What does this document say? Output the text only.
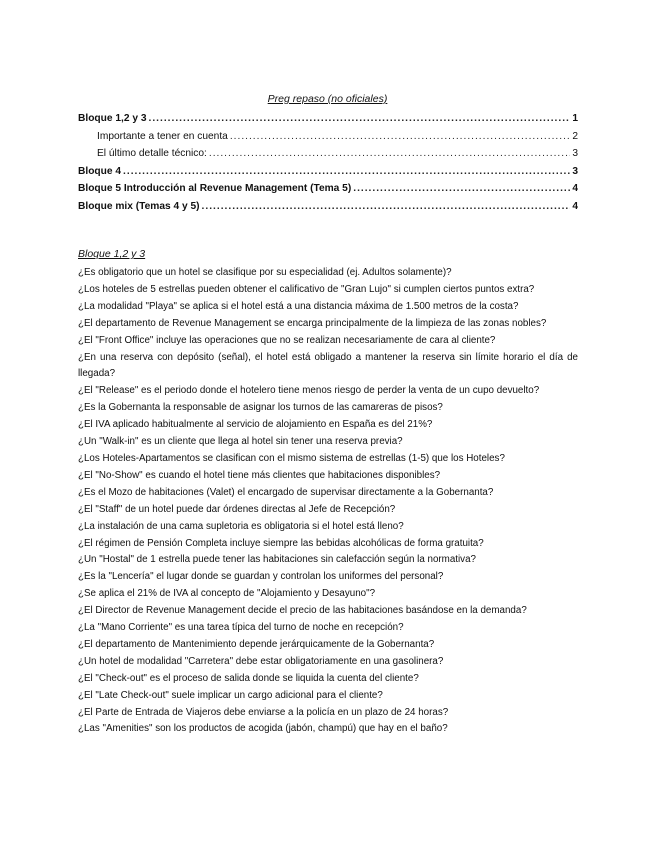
Preg repaso (no oficiales)
Bloque 1,2 y 3 .....	1
Importante a tener en cuenta .....	2
El último detalle técnico: .....	3
Bloque 4 .....	3
Bloque 5 Introducción al Revenue Management (Tema 5) .....	4
Bloque mix (Temas 4 y 5) .....	4
Bloque 1,2 y 3
¿Es obligatorio que un hotel se clasifique por su especialidad (ej. Adultos solamente)?
¿Los hoteles de 5 estrellas pueden obtener el calificativo de "Gran Lujo" si cumplen ciertos puntos extra?
¿La modalidad "Playa" se aplica si el hotel está a una distancia máxima de 1.500 metros de la costa?
¿El departamento de Revenue Management se encarga principalmente de la limpieza de las zonas nobles?
¿El "Front Office" incluye las operaciones que no se realizan necesariamente de cara al cliente?
¿En una reserva con depósito (señal), el hotel está obligado a mantener la reserva sin límite horario el día de llegada?
¿El "Release" es el periodo donde el hotelero tiene menos riesgo de perder la venta de un cupo devuelto?
¿Es la Gobernanta la responsable de asignar los turnos de las camareras de pisos?
¿El IVA aplicado habitualmente al servicio de alojamiento en España es del 21%?
¿Un "Walk-in" es un cliente que llega al hotel sin tener una reserva previa?
¿Los Hoteles-Apartamentos se clasifican con el mismo sistema de estrellas (1-5) que los Hoteles?
¿El "No-Show" es cuando el hotel tiene más clientes que habitaciones disponibles?
¿Es el Mozo de habitaciones (Valet) el encargado de supervisar directamente a la Gobernanta?
¿El "Staff" de un hotel puede dar órdenes directas al Jefe de Recepción?
¿La instalación de una cama supletoria es obligatoria si el hotel está lleno?
¿El régimen de Pensión Completa incluye siempre las bebidas alcohólicas de forma gratuita?
¿Un "Hostal" de 1 estrella puede tener las habitaciones sin calefacción según la normativa?
¿Es la "Lencería" el lugar donde se guardan y controlan los uniformes del personal?
¿Se aplica el 21% de IVA al concepto de "Alojamiento y Desayuno"?
¿El Director de Revenue Management decide el precio de las habitaciones basándose en la demanda?
¿La "Mano Corriente" es una tarea típica del turno de noche en recepción?
¿El departamento de Mantenimiento depende jerárquicamente de la Gobernanta?
¿Un hotel de modalidad "Carretera" debe estar obligatoriamente en una gasolinera?
¿El "Check-out" es el proceso de salida donde se liquida la cuenta del cliente?
¿El "Late Check-out" suele implicar un cargo adicional para el cliente?
¿El Parte de Entrada de Viajeros debe enviarse a la policía en un plazo de 24 horas?
¿Las "Amenities" son los productos de acogida (jabón, champú) que hay en el baño?
